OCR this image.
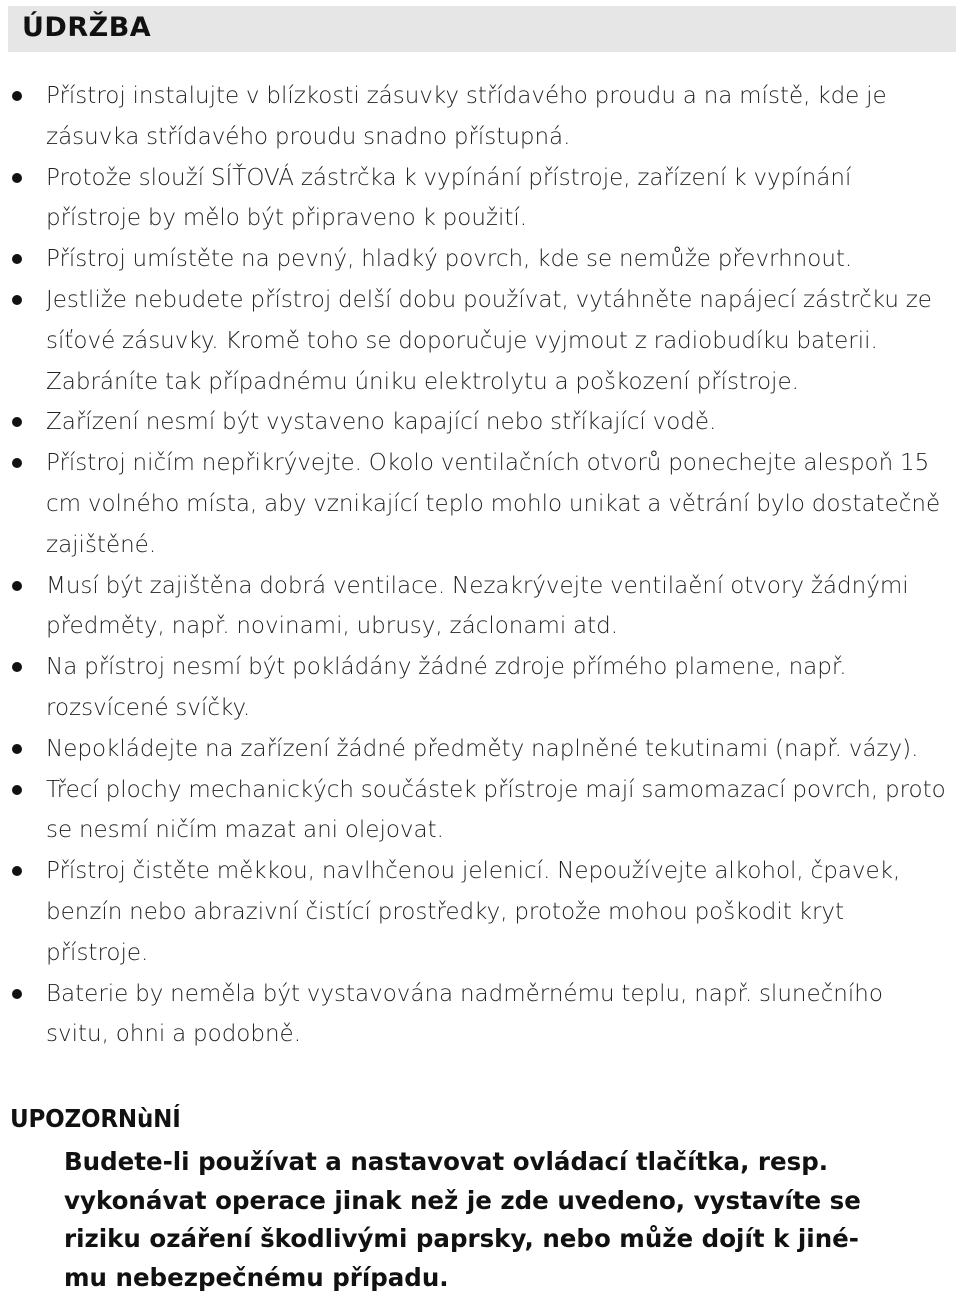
ÚDRŽBA
Přístroj instalujte v blízkosti zásuvky střídavého proudu a na místě, kde je zásuvka střídavého proudu snadno přístupná.
Protože slouží SÍŤOVÁ zástrčka k vypínání přístroje, zařízení k vypínání přístroje by mělo být připraveno k použití.
Přístroj umístěte na pevný, hladký povrch, kde se nemůže převrhnout.
Jestliže nebudete přístroj delší dobu používat, vytáhněte napájecí zástrčku ze síťové zásuvky. Kromě toho se doporučuje vyjmout z radiobudíku baterii. Zabráníte tak případnému úniku elektrolytu a poškození přístroje.
Zařízení nesmí být vystaveno kapající nebo stříkající vodě.
Přístroj ničím nepřikrývejte. Okolo ventilačních otvorů ponechejte alespoň 15 cm volného místa, aby vznikající teplo mohlo unikat a větrání bylo dostatečně zajištěné.
Musí být zajištěna dobrá ventilace. Nezakrývejte ventilaění otvory žádnými předměty, např. novinami, ubrusy, záclonami atd.
Na přístroj nesmí být pokládány žádné zdroje přímého plamene, např. rozsvícené svíčky.
Nepokládejte na zařízení žádné předměty naplněné tekutinami (např. vázy).
Třecí plochy mechanických součástek přístroje mají samomazací povrch, proto se nesmí ničím mazat ani olejovat.
Přístroj čistěte měkkou, navlhčenou jelenicí. Nepoužívejte alkohol, čpavek, benzín nebo abrazivní čistící prostředky, protože mohou poškodit kryt přístroje.
Baterie by neměla být vystavována nadměrnému teplu, např. slunečního svitu, ohni a podobně.
UPOZORNùNÍ
Budete-li používat a nastavovat ovládací tlačítka, resp. vykonávat operace jinak než je zde uvedeno, vystavíte se riziku ozáření škodlivými paprsky, nebo může dojít k jiné-
mu nebezpečnému případu.
